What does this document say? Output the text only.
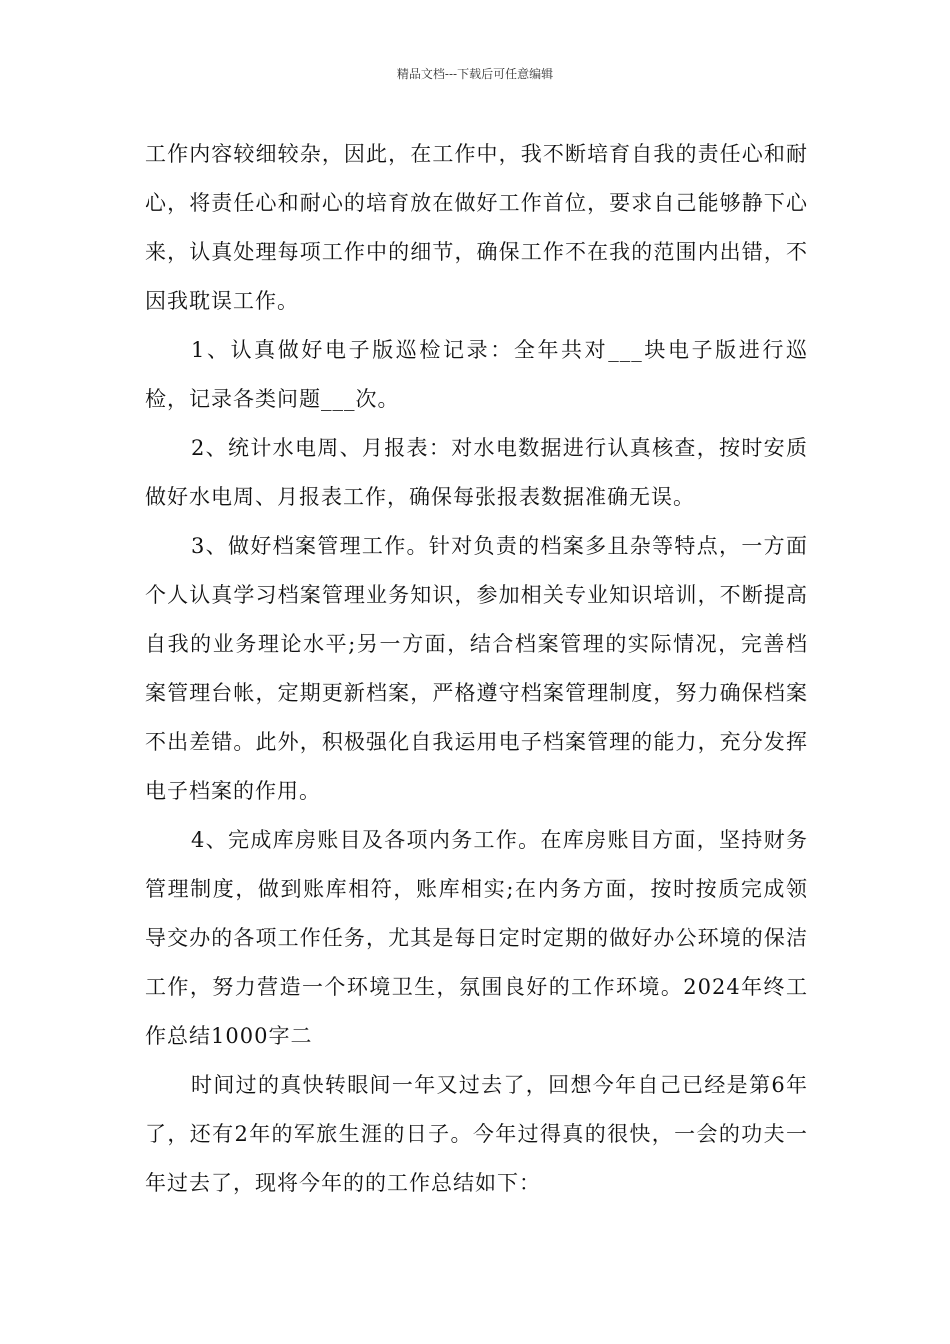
精品文档---下载后可任意编辑

工作内容较细较杂，因此，在工作中，我不断培育自我的责任心和耐心，将责任心和耐心的培育放在做好工作首位，要求自己能够静下心来，认真处理每项工作中的细节，确保工作不在我的范围内出错，不因我耽误工作。

1、认真做好电子版巡检记录：全年共对___块电子版进行巡检，记录各类问题___次。

2、统计水电周、月报表：对水电数据进行认真核查，按时安质做好水电周、月报表工作，确保每张报表数据准确无误。

3、做好档案管理工作。针对负责的档案多且杂等特点，一方面个人认真学习档案管理业务知识，参加相关专业知识培训，不断提高自我的业务理论水平;另一方面，结合档案管理的实际情况，完善档案管理台帐，定期更新档案，严格遵守档案管理制度，努力确保档案不出差错。此外，积极强化自我运用电子档案管理的能力，充分发挥电子档案的作用。

4、完成库房账目及各项内务工作。在库房账目方面，坚持财务管理制度，做到账库相符，账库相实;在内务方面，按时按质完成领导交办的各项工作任务，尤其是每日定时定期的做好办公环境的保洁工作，努力营造一个环境卫生，氛围良好的工作环境。2024年终工作总结1000字二

时间过的真快转眼间一年又过去了，回想今年自己已经是第6年了，还有2年的军旅生涯的日子。今年过得真的很快，一会的功夫一年过去了，现将今年的的工作总结如下：
